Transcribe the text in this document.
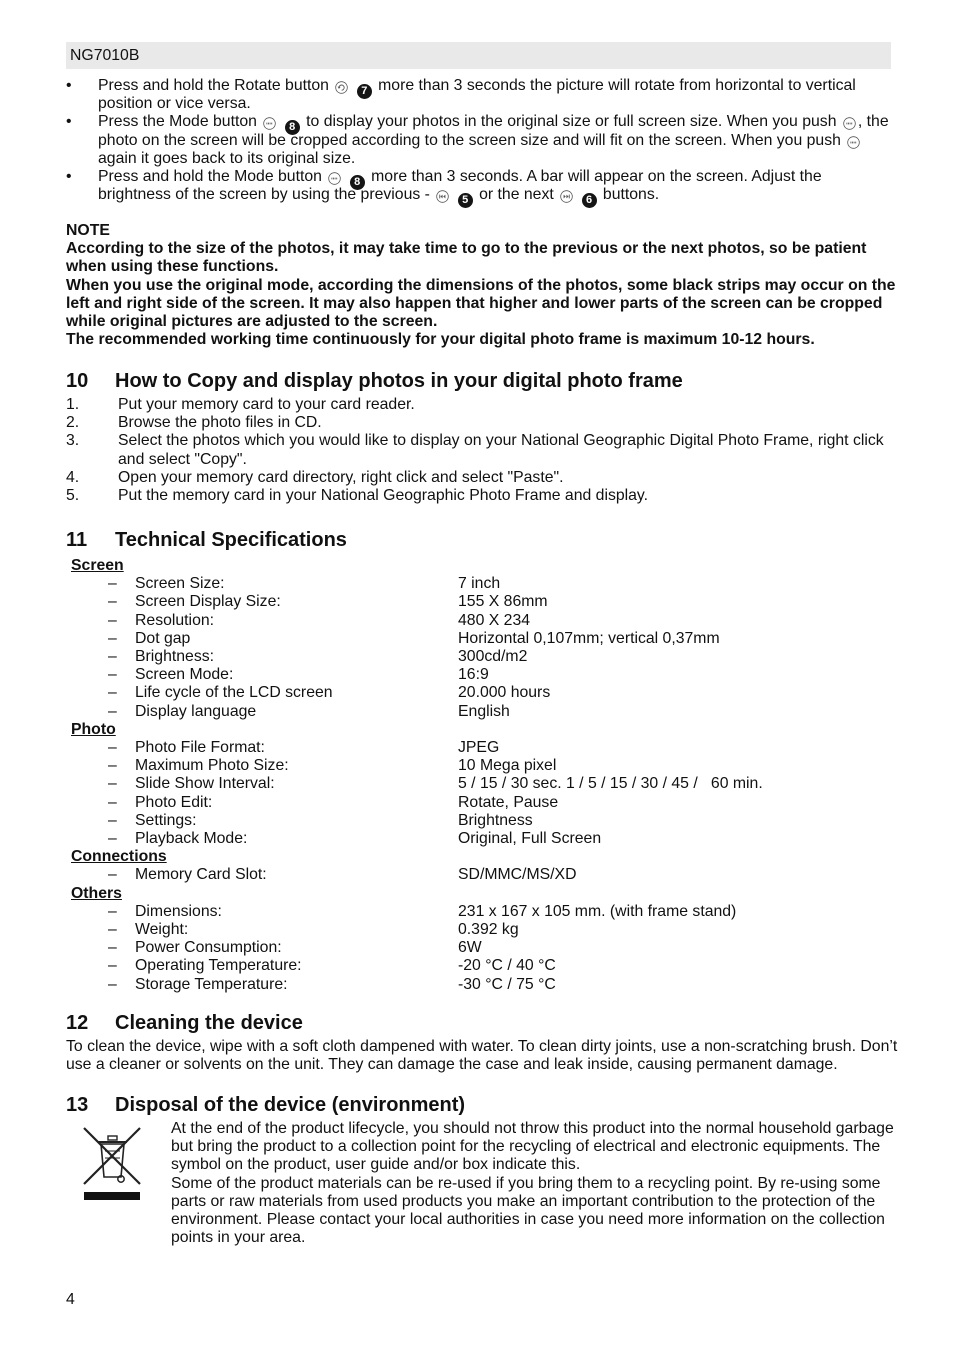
NG7010B
• Press and hold the Rotate button	7 more than 3 seconds the picture will rotate from horizontal to vertical
position or vice versa.
• Press the Mode button	8 to display your photos in the original size or full screen size. When you push , the
photo on the screen will be cropped according to the screen size and will fit on the screen. When you push
again it goes back to its original size.
• Press and hold the Mode button	8 more than 3 seconds. A bar will appear on the screen. Adjust the
brightness of the screen by using the previous -	5 or the next	6 buttons.
NOTE
According to the size of the photos, it may take time to go to the previous or the next photos, so be patient
when using these functions.
When you use the original mode, according the dimensions of the photos, some black strips may occur on the
left and right side of the screen. It may also happen that higher and lower parts of the screen can be cropped
while original pictures are adjusted to the screen.
The recommended working time continuously for your digital photo frame is maximum 10-12 hours.
10 How to Copy and display photos in your digital photo frame
1. Put your memory card to your card reader.
2. Browse the photo files in CD.
3. Select the photos which you would like to display on your National Geographic Digital Photo Frame, right click
and select "Copy".
4. Open your memory card directory, right click and select "Paste".
5. Put the memory card in your National Geographic Photo Frame and display.
11 Technical Specifications
Screen
– Screen Size:	7 inch
– Screen Display Size:	155 X 86mm
– Resolution:	480 X 234
– Dot gap	Horizontal 0,107mm; vertical 0,37mm
– Brightness:	300cd/m2
– Screen Mode:	16:9
– Life cycle of the LCD screen	20.000 hours
– Display language	English
Photo
– Photo File Format:	JPEG
– Maximum Photo Size:	10 Mega pixel
– Slide Show Interval:	5 / 15 / 30 sec. 1 / 5 / 15 / 30 / 45 /   60 min.
– Photo Edit:	Rotate, Pause
– Settings:	Brightness
– Playback Mode:	Original, Full Screen
Connections
– Memory Card Slot:	SD/MMC/MS/XD
Others
– Dimensions:	231 x 167 x 105 mm. (with frame stand)
– Weight:	0.392 kg
– Power Consumption:	6W
– Operating Temperature:	-20 °C / 40 °C
– Storage Temperature:	-30 °C / 75 °C
12 Cleaning the device
To clean the device, wipe with a soft cloth dampened with water. To clean dirty joints, use a non-scratching brush. Don’t
use a cleaner or solvents on the unit. They can damage the case and leak inside, causing permanent damage.
13 Disposal of the device (environment)
At the end of the product lifecycle, you should not throw this product into the normal household garbage
but bring the product to a collection point for the recycling of electrical and electronic equipments. The
symbol on the product, user guide and/or box indicate this.
Some of the product materials can be re-used if you bring them to a recycling point. By re-using some
parts or raw materials from used products you make an important contribution to the protection of the
environment. Please contact your local authorities in case you need more information on the collection
points in your area.
4
